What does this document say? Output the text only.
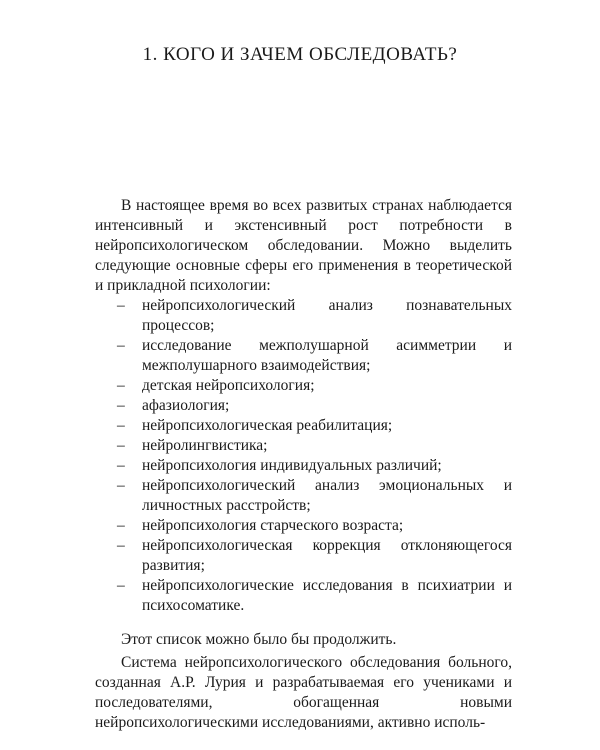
1. КОГО И ЗАЧЕМ ОБСЛЕДОВАТЬ?

В настоящее время во всех развитых странах наблюдается интенсивный и экстенсивный рост потребности в нейропсихологическом обследовании. Можно выделить следующие основные сферы его применения в теоретической и прикладной психологии:

– нейропсихологический анализ познавательных процессов;
– исследование межполушарной асимметрии и межполушарного взаимодействия;
– детская нейропсихология;
– афазиология;
– нейропсихологическая реабилитация;
– нейролингвистика;
– нейропсихология индивидуальных различий;
– нейропсихологический анализ эмоциональных и личностных расстройств;
– нейропсихология старческого возраста;
– нейропсихологическая коррекция отклоняющегося развития;
– нейропсихологические исследования в психиатрии и психосоматике.

Этот список можно было бы продолжить.

Система нейропсихологического обследования больного, созданная А.Р. Лурия и разрабатываемая его учениками и последователями, обогащенная новыми нейропсихологическими исследованиями, активно исполь-
